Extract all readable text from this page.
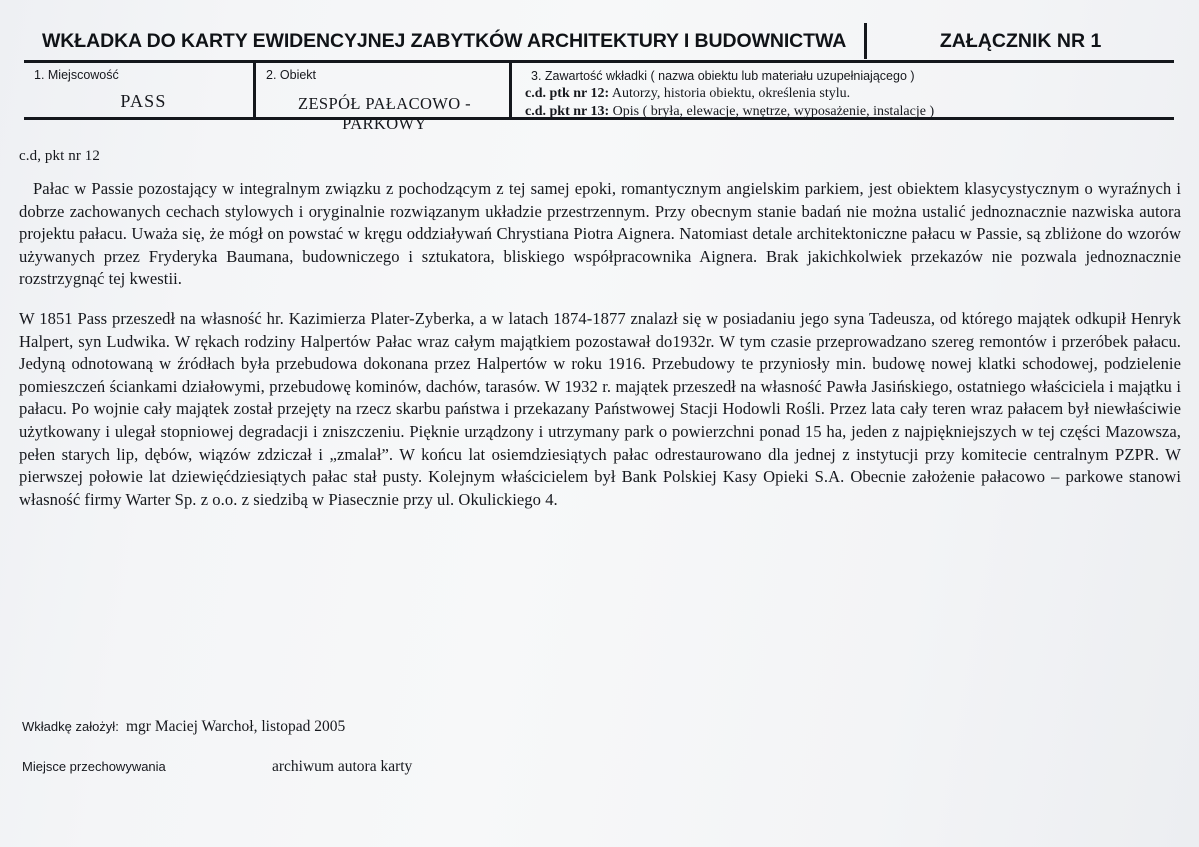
WKŁADKA DO KARTY EWIDENCYJNEJ ZABYTKÓW ARCHITEKTURY I BUDOWNICTWA	ZAŁĄCZNIK NR 1
1. Miejscowość
PASS
2. Obiekt
ZESPÓŁ PAŁACOWO - PARKOWY
3. Zawartość wkładki ( nazwa obiektu lub materiału uzupełniającego )
c.d. ptk nr 12: Autorzy, historia obiektu, określenia stylu.
c.d. pkt nr 13: Opis ( bryła, elewacje, wnętrze, wyposażenie, instalacje )
c.d, pkt nr 12

Pałac w Passie pozostający w integralnym związku z pochodzącym z tej samej epoki, romantycznym angielskim parkiem, jest obiektem klasycystycznym o wyraźnych i dobrze zachowanych cechach stylowych i oryginalnie rozwiązanym układzie przestrzennym. Przy obecnym stanie badań nie można ustalić jednoznacznie nazwiska autora projektu pałacu. Uważa się, że mógł on powstać w kręgu oddziaływań Chrystiana Piotra Aignera. Natomiast detale architektoniczne pałacu w Passie, są zbliżone do wzorów używanych przez Fryderyka Baumana, budowniczego i sztukatora, bliskiego współpracownika Aignera. Brak jakichkolwiek przekazów nie pozwala jednoznacznie rozstrzygnąć tej kwestii.

W 1851 Pass przeszedł na własność hr. Kazimierza Plater-Zyberka, a w latach 1874-1877 znalazł się w posiadaniu jego syna Tadeusza, od którego majątek odkupił Henryk Halpert, syn Ludwika. W rękach rodziny Halpertów Pałac wraz całym majątkiem pozostawał do1932r. W tym czasie przeprowadzano szereg remontów i przeróbek pałacu. Jedyną odnotowaną w źródłach była przebudowa dokonana przez Halpertów w roku 1916. Przebudowy te przyniosły min. budowę nowej klatki schodowej, podzielenie pomieszczeń ściankami działowymi, przebudowę kominów, dachów, tarasów. W 1932 r. majątek przeszedł na własność Pawła Jasińskiego, ostatniego właściciela i majątku i pałacu. Po wojnie cały majątek został przejęty na rzecz skarbu państwa i przekazany Państwowej Stacji Hodowli Rośli. Przez lata cały teren wraz pałacem był niewłaściwie użytkowany i ulegał stopniowej degradacji i zniszczeniu. Pięknie urządzony i utrzymany park o powierzchni ponad 15 ha, jeden z najpiękniejszych w tej części Mazowsza, pełen starych lip, dębów, wiązów zdziczał i „zmalał”. W końcu lat osiemdziesiątych pałac odrestaurowano dla jednej z instytucji przy komitecie centralnym PZPR. W pierwszej połowie lat dziewięćdziesiątych pałac stał pusty. Kolejnym właścicielem był Bank Polskiej Kasy Opieki S.A. Obecnie założenie pałacowo – parkowe stanowi własność firmy Warter Sp. z o.o. z siedzibą w Piasecznie przy ul. Okulickiego 4.

Wkładkę założył: mgr Maciej Warchoł, listopad 2005
Miejsce przechowywania	archiwum autora karty
